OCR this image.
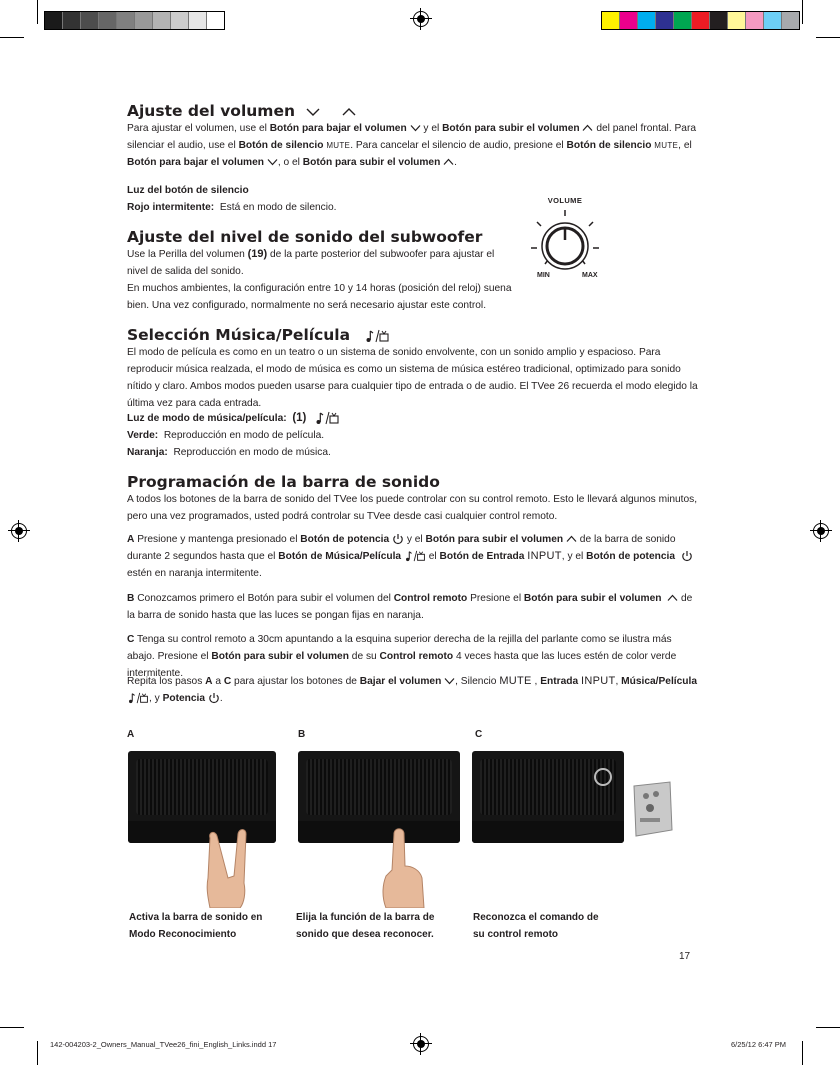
Ajuste del volumen

Para ajustar el volumen, use el Botón para bajar el volumen  y el Botón para subir el volumen  del panel frontal. Para silenciar el audio, use el Botón de silencio MUTE. Para cancelar el silencio de audio, presione el Botón de silencio MUTE, el Botón para bajar el volumen , o el Botón para subir el volumen .

Luz del botón de silencio

Rojo intermitente: Está en modo de silencio.

VOLUME
MIN	MAX
Ajuste del nivel de sonido del subwoofer

Use la Perilla del volumen (19) de la parte posterior del subwoofer para ajustar el nivel de salida del sonido.

En muchos ambientes, la configuración entre 10 y 14 horas (posición del reloj) suena bien. Una vez configurado, normalmente no será necesario ajustar este control.

Selección Música/Película

El modo de película es como en un teatro o un sistema de sonido envolvente, con un sonido amplio y espacioso. Para reproducir música realzada, el modo de música es como un sistema de música estéreo tradicional, optimizado para sonido nítido y claro. Ambos modos pueden usarse para cualquier tipo de entrada o de audio. El TVee 26 recuerda el modo elegido la última vez para cada entrada.

Luz de modo de música/película: (1)

Verde: Reproducción en modo de película.

Naranja: Reproducción en modo de música.

Programación de la barra de sonido

A todos los botones de la barra de sonido del TVee los puede controlar con su control remoto. Esto le llevará algunos minutos, pero una vez programados, usted podrá controlar su TVee desde casi cualquier control remoto.

A Presione y mantenga presionado el Botón de potencia  y el Botón para subir el volumen  de la barra de sonido durante 2 segundos hasta que el Botón de Música/Película	el Botón de Entrada INPUT, y el Botón de potencia   estén en naranja intermitente.

B Conozcamos primero el Botón para subir el volumen del Control remoto Presione el Botón para subir el volumen   de la barra de sonido hasta que las luces se pongan fijas en naranja.

C Tenga su control remoto a 30cm apuntando a la esquina superior derecha de la rejilla del parlante como se ilustra más abajo. Presione el Botón para subir el volumen de su Control remoto 4 veces hasta que las luces estén de color verde intermitente.

Repita los pasos A a C para ajustar los botones de Bajar el volumen , Silencio MUTE , Entrada INPUT, Música/Película
, y Potencia .

A	B	C
Activa la barra de sonido en
Modo Reconocimiento
Elija la función de la barra de
sonido que desea reconocer.
Reconozca el comando de
su control remoto
17
142-004203-2_Owners_Manual_TVee26_fini_English_Links.indd 17	6/25/12 6:47 PM
